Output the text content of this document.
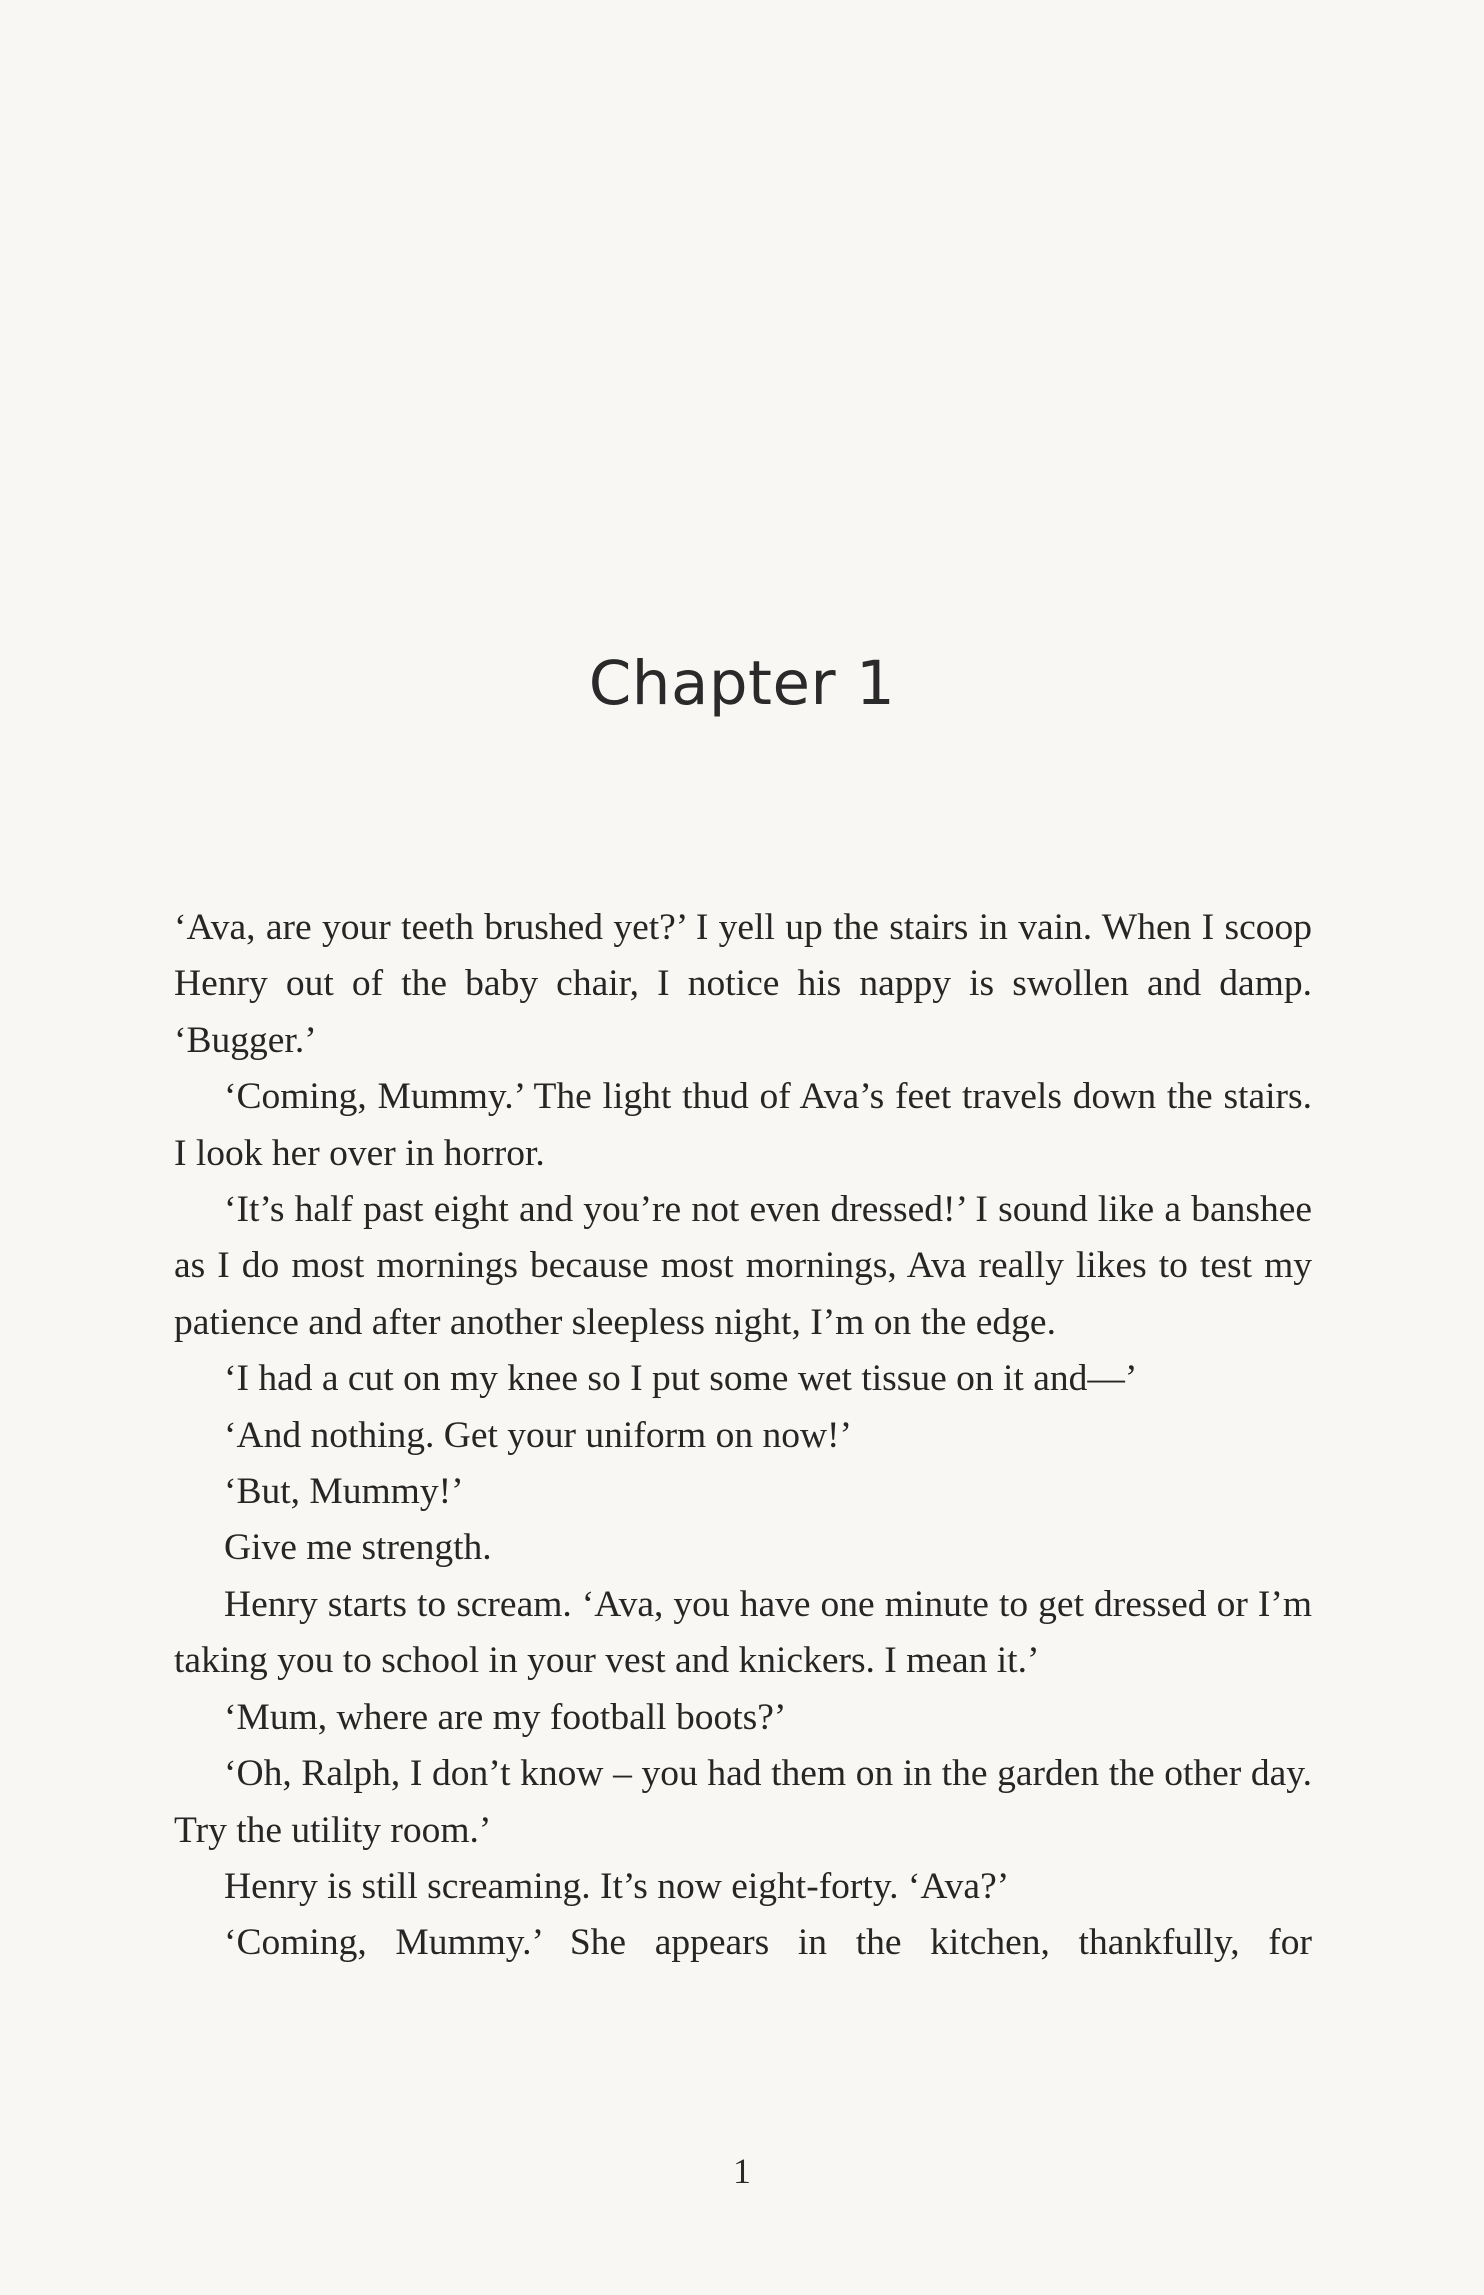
Chapter 1

‘Ava, are your teeth brushed yet?’ I yell up the stairs in vain. When I scoop Henry out of the baby chair, I notice his nappy is swollen and damp. ‘Bugger.’

‘Coming, Mummy.’ The light thud of Ava’s feet travels down the stairs. I look her over in horror.

‘It’s half past eight and you’re not even dressed!’ I sound like a banshee as I do most mornings because most mornings, Ava really likes to test my patience and after another sleepless night, I’m on the edge.

‘I had a cut on my knee so I put some wet tissue on it and—’

‘And nothing. Get your uniform on now!’

‘But, Mummy!’

Give me strength.

Henry starts to scream. ‘Ava, you have one minute to get dressed or I’m taking you to school in your vest and knickers. I mean it.’

‘Mum, where are my football boots?’

‘Oh, Ralph, I don’t know – you had them on in the garden the other day. Try the utility room.’

Henry is still screaming. It’s now eight-forty. ‘Ava?’

‘Coming, Mummy.’ She appears in the kitchen, thankfully, for

1
